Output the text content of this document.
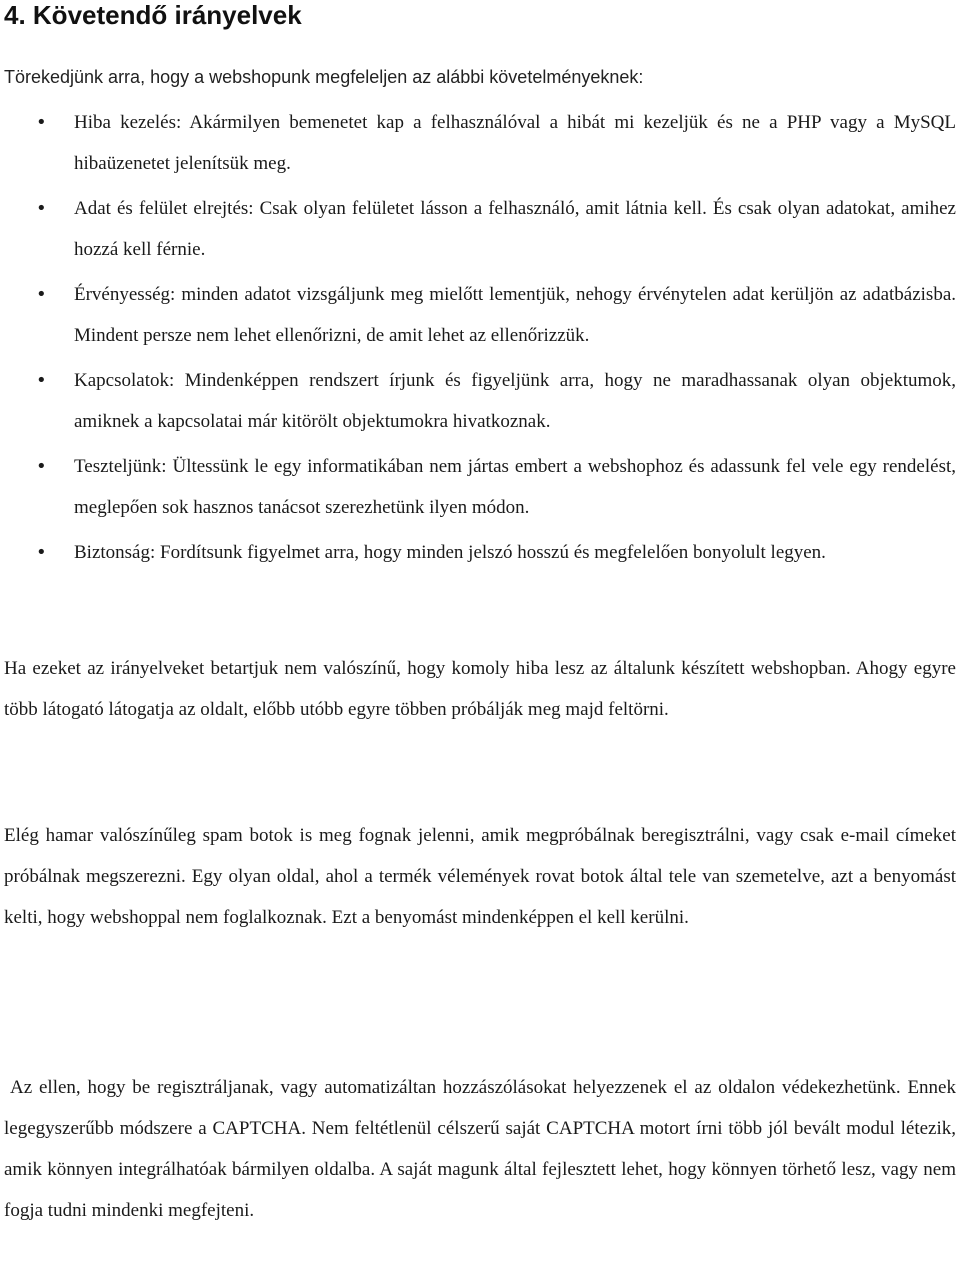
4. Követendő irányelvek

Törekedjünk arra, hogy a webshopunk megfeleljen az alábbi követelményeknek:

• Hiba kezelés: Akármilyen bemenetet kap a felhasználóval a hibát mi kezeljük és ne a PHP vagy a MySQL hibaüzenetet jelenítsük meg.
• Adat és felület elrejtés: Csak olyan felületet lásson a felhasználó, amit látnia kell. És csak olyan adatokat, amihez hozzá kell férnie.
• Érvényesség: minden adatot vizsgáljunk meg mielőtt lementjük, nehogy érvénytelen adat kerüljön az adatbázisba. Mindent persze nem lehet ellenőrizni, de amit lehet az ellenőrizzük.
• Kapcsolatok: Mindenképpen rendszert írjunk és figyeljünk arra, hogy ne maradhassanak olyan objektumok, amiknek a kapcsolatai már kitörölt objektumokra hivatkoznak.
• Teszteljünk: Ültessünk le egy informatikában nem jártas embert a webshophoz és adassunk fel vele egy rendelést, meglepően sok hasznos tanácsot szerezhetünk ilyen módon.
• Biztonság: Fordítsunk figyelmet arra, hogy minden jelszó hosszú és megfelelően bonyolult legyen.

Ha ezeket az irányelveket betartjuk nem valószínű, hogy komoly hiba lesz az általunk készített webshopban. Ahogy egyre több látogató látogatja az oldalt, előbb utóbb egyre többen próbálják meg majd feltörni.

Elég hamar valószínűleg spam botok is meg fognak jelenni, amik megpróbálnak beregisztrálni, vagy csak e-mail címeket próbálnak megszerezni. Egy olyan oldal, ahol a termék vélemények rovat botok által tele van szemetelve, azt a benyomást kelti, hogy webshoppal nem foglalkoznak. Ezt a benyomást mindenképpen el kell kerülni.

Az ellen, hogy be regisztráljanak, vagy automatizáltan hozzászólásokat helyezzenek el az oldalon védekezhetünk. Ennek legegyszerűbb módszere a CAPTCHA. Nem feltétlenül célszerű saját CAPTCHA motort írni több jól bevált modul létezik, amik könnyen integrálhatóak bármilyen oldalba. A saját magunk által fejlesztett lehet, hogy könnyen törhető lesz, vagy nem fogja tudni mindenki megfejteni.
